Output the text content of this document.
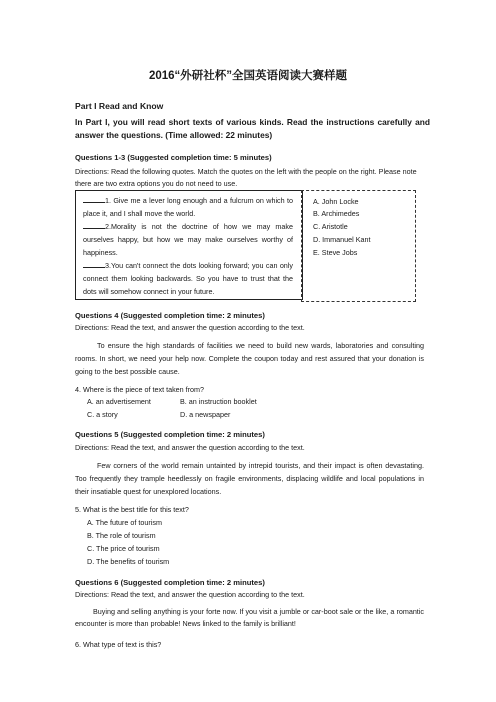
2016“外研社杯”全国英语阅读大赛样题
Part I Read and Know
In Part I, you will read short texts of various kinds. Read the instructions carefully and answer the questions. (Time allowed: 22 minutes)
Questions 1-3 (Suggested completion time: 5 minutes)
Directions: Read the following quotes. Match the quotes on the left with the people on the right. Please note there are two extra options you do not need to use.
1. Give me a lever long enough and a fulcrum on which to place it, and I shall move the world.
2.Morality is not the doctrine of how we may make ourselves happy, but how we may make ourselves worthy of happiness.
3.You can't connect the dots looking forward; you can only connect them looking backwards. So you have to trust that the dots will somehow connect in your future.
A. John Locke
B. Archimedes
C. Aristotle
D. Immanuel Kant
E. Steve Jobs
Questions 4 (Suggested completion time: 2 minutes)
Directions: Read the text, and answer the question according to the text.
To ensure the high standards of facilities we need to build new wards, laboratories and consulting rooms. In short, we need your help now. Complete the coupon today and rest assured that your donation is going to the best possible cause.
4. Where is the piece of text taken from?
A. an advertisement	B. an instruction booklet
C. a story	D. a newspaper
Questions 5 (Suggested completion time: 2 minutes)
Directions: Read the text, and answer the question according to the text.
Few corners of the world remain untainted by intrepid tourists, and their impact is often devastating. Too frequently they trample heedlessly on fragile environments, displacing wildlife and local populations in their insatiable quest for unexplored locations.
5. What is the best title for this text?
A. The future of tourism
B. The role of tourism
C. The price of tourism
D. The benefits of tourism
Questions 6 (Suggested completion time: 2 minutes)
Directions: Read the text, and answer the question according to the text.
Buying and selling anything is your forte now. If you visit a jumble or car-boot sale or the like, a romantic encounter is more than probable! News linked to the family is brilliant!
6. What type of text is this?
